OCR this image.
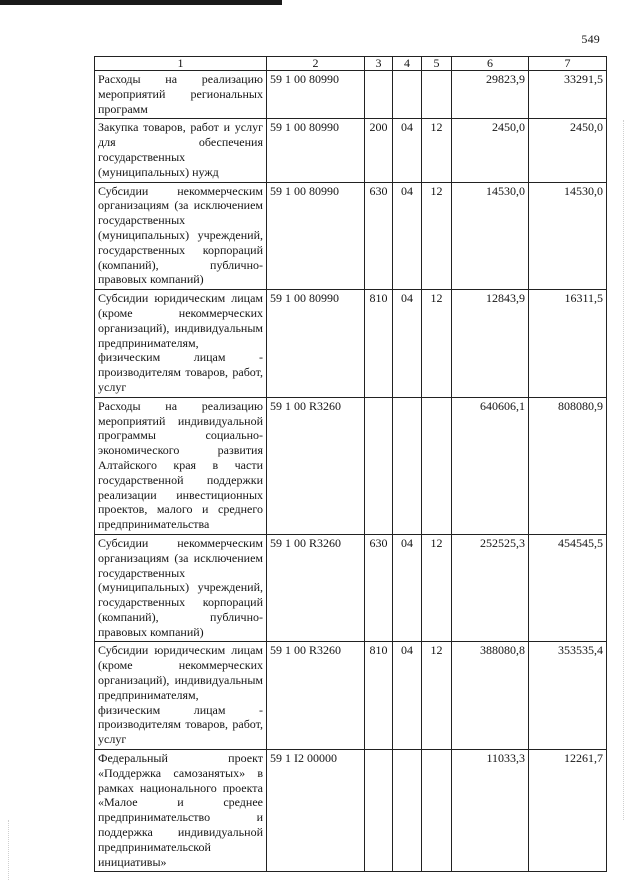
549
1	2	3	4	5	6	7
Расходы на реализацию мероприятий региональных программ	59 1 00 80990				29823,9	33291,5
Закупка товаров, работ и услуг для обеспечения государственных (муниципальных) нужд	59 1 00 80990	200	04	12	2450,0	2450,0
Субсидии некоммерческим организациям (за исключением государственных (муниципальных) учреждений, государственных корпораций (компаний), публично-правовых компаний)	59 1 00 80990	630	04	12	14530,0	14530,0
Субсидии юридическим лицам (кроме некоммерческих организаций), индивидуальным предпринимателям, физическим лицам - производителям товаров, работ, услуг	59 1 00 80990	810	04	12	12843,9	16311,5
Расходы на реализацию мероприятий индивидуальной программы социально-экономического развития Алтайского края в части государственной поддержки реализации инвестиционных проектов, малого и среднего предпринимательства	59 1 00 R3260				640606,1	808080,9
Субсидии некоммерческим организациям (за исключением государственных (муниципальных) учреждений, государственных корпораций (компаний), публично-правовых компаний)	59 1 00 R3260	630	04	12	252525,3	454545,5
Субсидии юридическим лицам (кроме некоммерческих организаций), индивидуальным предпринимателям, физическим лицам - производителям товаров, работ, услуг	59 1 00 R3260	810	04	12	388080,8	353535,4
Федеральный проект «Поддержка самозанятых» в рамках национального проекта «Малое и среднее предпринимательство и поддержка индивидуальной предпринимательской инициативы»	59 1 I2 00000				11033,3	12261,7
